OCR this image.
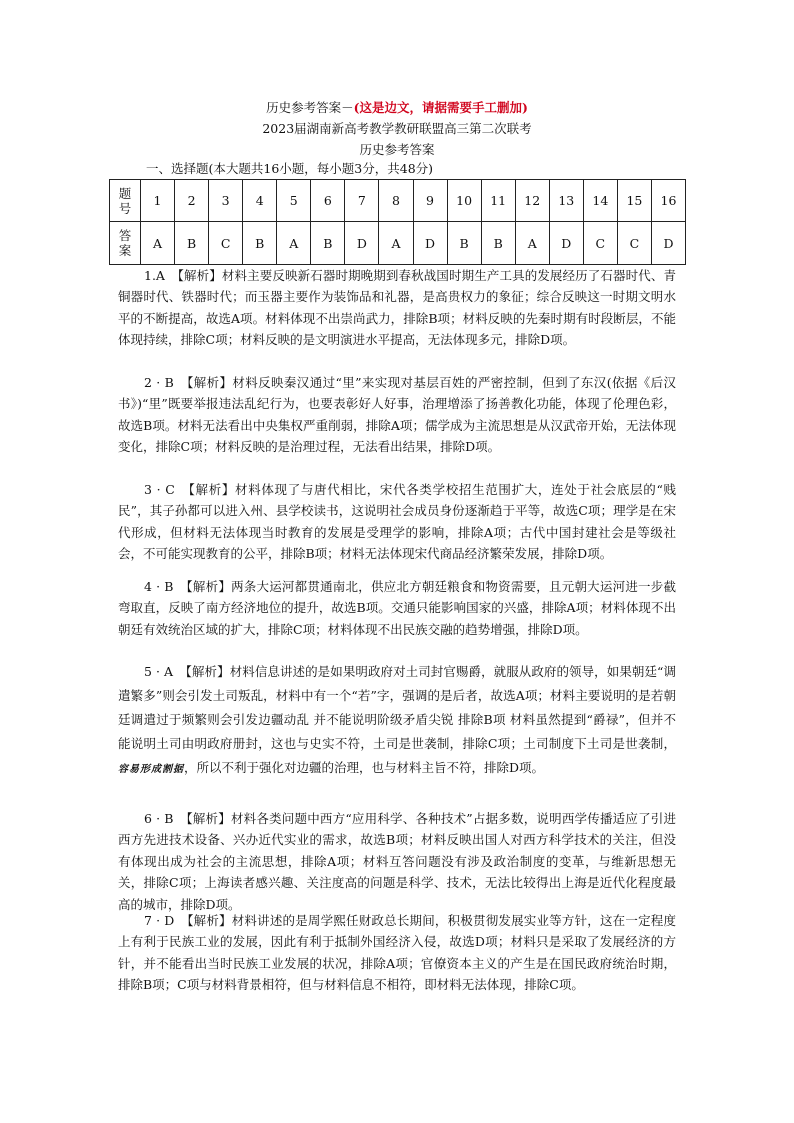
历史参考答案－(这是边文，请据需要手工删加)
2023届湖南新高考教学教研联盟高三第二次联考
历史参考答案
一、选择题(本大题共16小题，每小题3分，共48分)
题号	1	2	3	4	5	6	7	8	9	10	11	12	13	14	15	16
答案	A	B	C	B	A	B	D	A	D	B	B	A	D	C	C	D

1.A　【解析】材料主要反映新石器时期晚期到春秋战国时期生产工具的发展经历了石器时代、青铜器时代、铁器时代；而玉器主要作为装饰品和礼器，是高贵权力的象征；综合反映这一时期文明水平的不断提高，故选A项。材料体现不出崇尚武力，排除B项；材料反映的先秦时期有时段断层，不能体现持续，排除C项；材料反映的是文明演进水平提高，无法体现多元，排除D项。

2 · B　【解析】材料反映秦汉通过“里”来实现对基层百姓的严密控制，但到了东汉(依据《后汉书》)“里”既要举报违法乱纪行为，也要表彰好人好事，治理增添了扬善教化功能，体现了伦理色彩，故选B项。材料无法看出中央集权严重削弱，排除A项；儒学成为主流思想是从汉武帝开始，无法体现变化，排除C项；材料反映的是治理过程，无法看出结果，排除D项。

3 · C　【解析】材料体现了与唐代相比，宋代各类学校招生范围扩大，连处于社会底层的“贱民”，其子孙都可以进入州、县学校读书，这说明社会成员身份逐渐趋于平等，故选C项；理学是在宋代形成，但材料无法体现当时教育的发展是受理学的影响，排除A项；古代中国封建社会是等级社会，不可能实现教育的公平，排除B项；材料无法体现宋代商品经济繁荣发展，排除D项。

4 · B　【解析】两条大运河都贯通南北，供应北方朝廷粮食和物资需要，且元朝大运河进一步截弯取直，反映了南方经济地位的提升，故选B项。交通只能影响国家的兴盛，排除A项；材料体现不出朝廷有效统治区域的扩大，排除C项；材料体现不出民族交融的趋势增强，排除D项。

5 · A　【解析】材料信息讲述的是如果明政府对土司封官赐爵，就服从政府的领导，如果朝廷“调遣繁多”则会引发土司叛乱，材料中有一个“若”字，强调的是后者，故选A项；材料主要说明的是若朝廷调遣过于频繁则会引发边疆动乱 并不能说明阶级矛盾尖锐 排除B项 材料虽然提到“爵禄”，但并不能说明土司由明政府册封，这也与史实不符，土司是世袭制，排除C项；土司制度下土司是世袭制，容易形成割据，所以不利于强化对边疆的治理，也与材料主旨不符，排除D项。

6 · B　【解析】材料各类问题中西方“应用科学、各种技术”占据多数，说明西学传播适应了引进西方先进技术设备、兴办近代实业的需求，故选B项；材料反映出国人对西方科学技术的关注，但没有体现出成为社会的主流思想，排除A项；材料互答问题没有涉及政治制度的变革，与维新思想无关，排除C项；上海读者感兴趣、关注度高的问题是科学、技术，无法比较得出上海是近代化程度最高的城市，排除D项。

7 · D　【解析】材料讲述的是周学熙任财政总长期间，积极贯彻发展实业等方针，这在一定程度上有利于民族工业的发展，因此有利于抵制外国经济入侵，故选D项；材料只是采取了发展经济的方针，并不能看出当时民族工业发展的状况，排除A项；官僚资本主义的产生是在国民政府统治时期，排除B项；C项与材料背景相符，但与材料信息不相符，即材料无法体现，排除C项。
